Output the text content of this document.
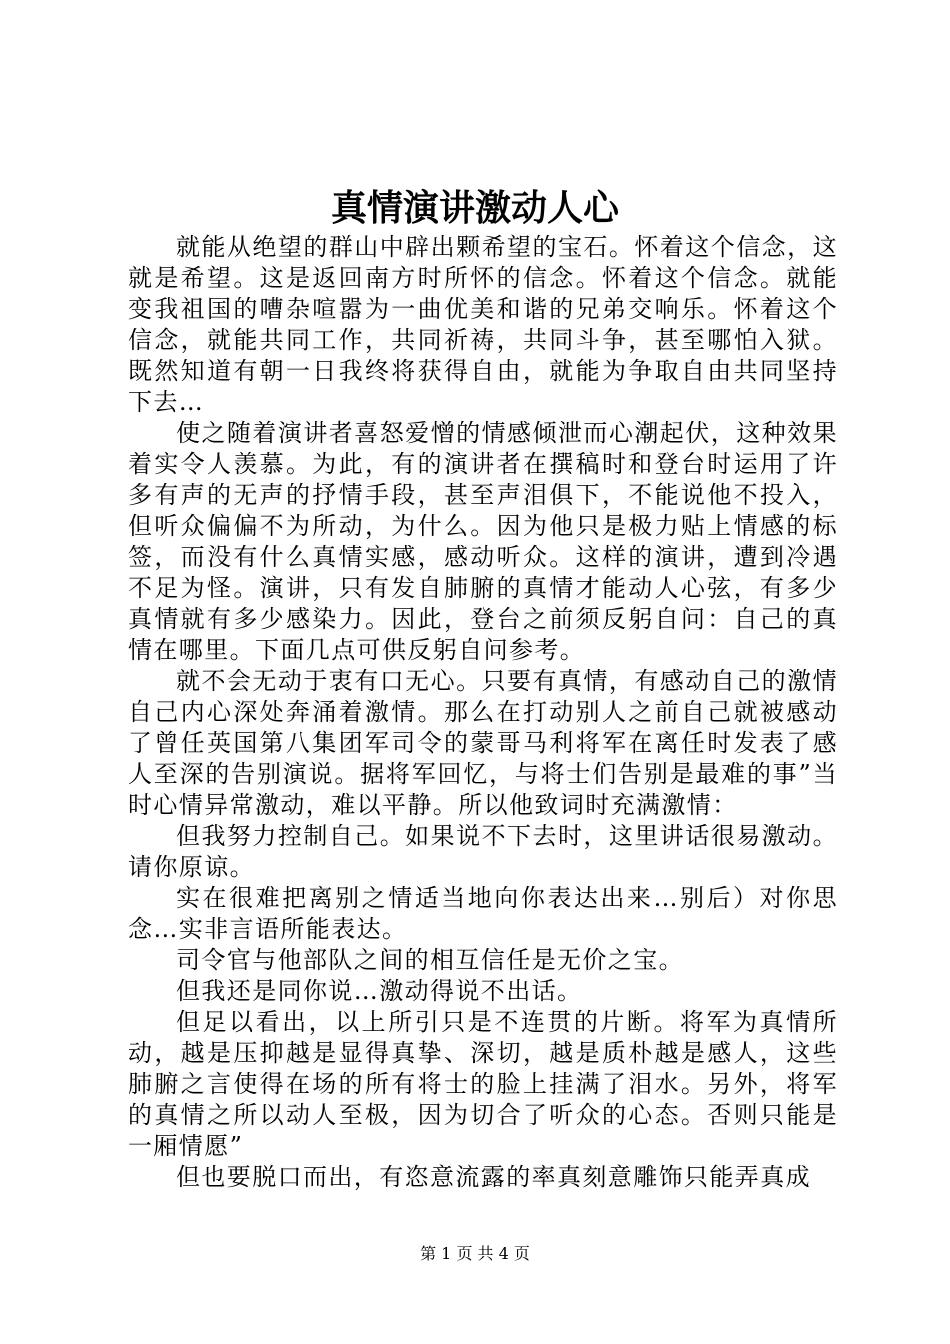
真情演讲激动人心

就能从绝望的群山中辟出颗希望的宝石。怀着这个信念，这就是希望。这是返回南方时所怀的信念。怀着这个信念。就能变我祖国的嘈杂喧嚣为一曲优美和谐的兄弟交响乐。怀着这个信念，就能共同工作，共同祈祷，共同斗争，甚至哪怕入狱。既然知道有朝一日我终将获得自由，就能为争取自由共同坚持下去…

使之随着演讲者喜怒爱憎的情感倾泄而心潮起伏，这种效果着实令人羡慕。为此，有的演讲者在撰稿时和登台时运用了许多有声的无声的抒情手段，甚至声泪俱下，不能说他不投入，但听众偏偏不为所动，为什么。因为他只是极力贴上情感的标签，而没有什么真情实感，感动听众。这样的演讲，遭到冷遇不足为怪。演讲，只有发自肺腑的真情才能动人心弦，有多少真情就有多少感染力。因此，登台之前须反躬自问：自己的真情在哪里。下面几点可供反躬自问参考。

就不会无动于衷有口无心。只要有真情，有感动自己的激情自己内心深处奔涌着激情。那么在打动别人之前自己就被感动了曾任英国第八集团军司令的蒙哥马利将军在离任时发表了感人至深的告别演说。据将军回忆，与将士们告别是最难的事”当时心情异常激动，难以平静。所以他致词时充满激情：

但我努力控制自己。如果说不下去时，这里讲话很易激动。请你原谅。

实在很难把离别之情适当地向你表达出来…别后）对你思念…实非言语所能表达。

司令官与他部队之间的相互信任是无价之宝。

但我还是同你说…激动得说不出话。

但足以看出，以上所引只是不连贯的片断。将军为真情所动，越是压抑越是显得真挚、深切，越是质朴越是感人，这些肺腑之言使得在场的所有将士的脸上挂满了泪水。另外，将军的真情之所以动人至极，因为切合了听众的心态。否则只能是一厢情愿”

但也要脱口而出，有恣意流露的率真刻意雕饰只能弄真成

第 1 页 共 4 页
